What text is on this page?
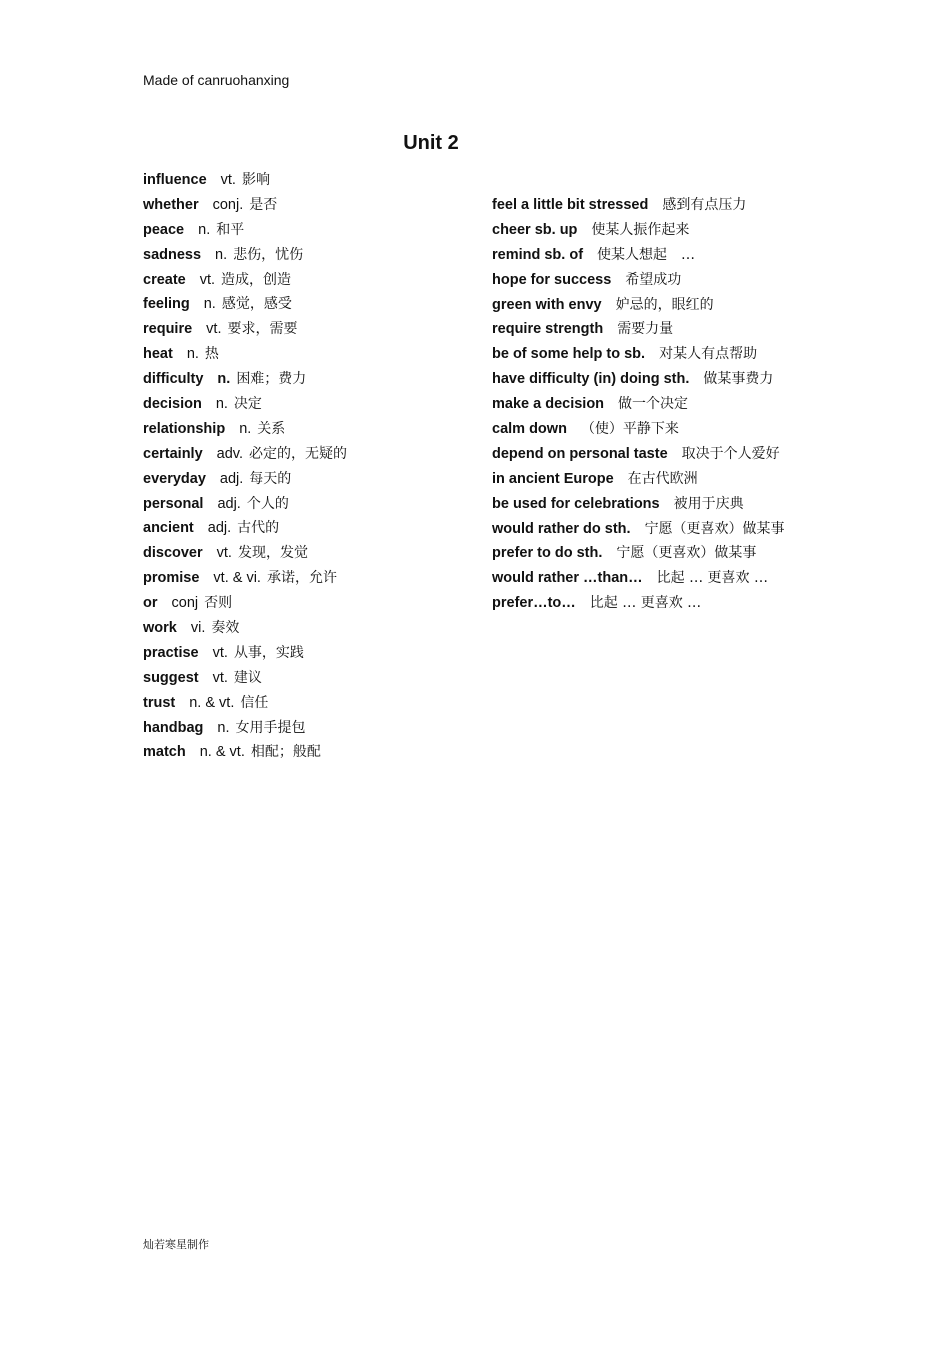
Made of canruohanxing
Unit 2
influence vt. 影响
whether conj. 是否
peace n. 和平
sadness n. 悲伤，忧伤
create vt. 造成，创造
feeling n. 感觉，感受
require vt. 要求，需要
heat n. 热
difficulty n. 困难；费力
decision n. 决定
relationship n. 关系
certainly adv. 必定的，无疑的
everyday adj. 每天的
personal adj. 个人的
ancient adj. 古代的
discover vt. 发现，发觉
promise vt. & vi. 承诺，允许
or conj 否则
work vi. 奏效
practise vt. 从事，实践
suggest vt. 建议
trust n. & vt. 信任
handbag n. 女用手提包
match n. & vt. 相配；般配
feel a little bit stressed 感到有点压力
cheer sb. up 使某人振作起来
remind sb. of 使某人想起　…
hope for success 希望成功
green with envy 妒忌的，眼红的
require strength 需要力量
be of some help to sb. 对某人有点帮助
have difficulty (in) doing sth. 做某事费力
make a decision 做一个决定
calm down （使）平静下来
depend on personal taste 取决于个人爱好
in ancient Europe 在古代欧洲
be used for celebrations 被用于庆典
would rather do sth. 宁愿（更喜欢）做某事
prefer to do sth. 宁愿（更喜欢）做某事
would rather …than… 比起 … 更喜欢 …
prefer…to… 比起 … 更喜欢 …
灿若寒星制作
